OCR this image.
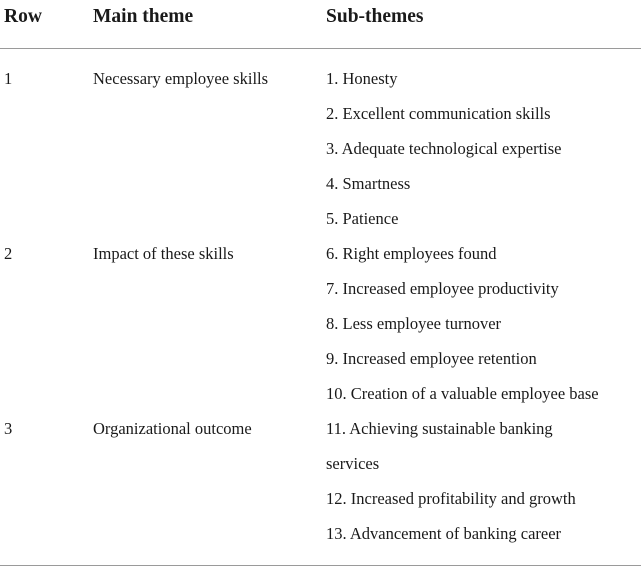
Row	Main theme	Sub-themes
1	Necessary employee skills	1. Honesty
2. Excellent communication skills
3. Adequate technological expertise
4. Smartness
5. Patience
2	Impact of these skills	6. Right employees found
7. Increased employee productivity
8. Less employee turnover
9. Increased employee retention
10. Creation of a valuable employee base
3	Organizational outcome	11. Achieving sustainable banking
services
12. Increased profitability and growth
13. Advancement of banking career
